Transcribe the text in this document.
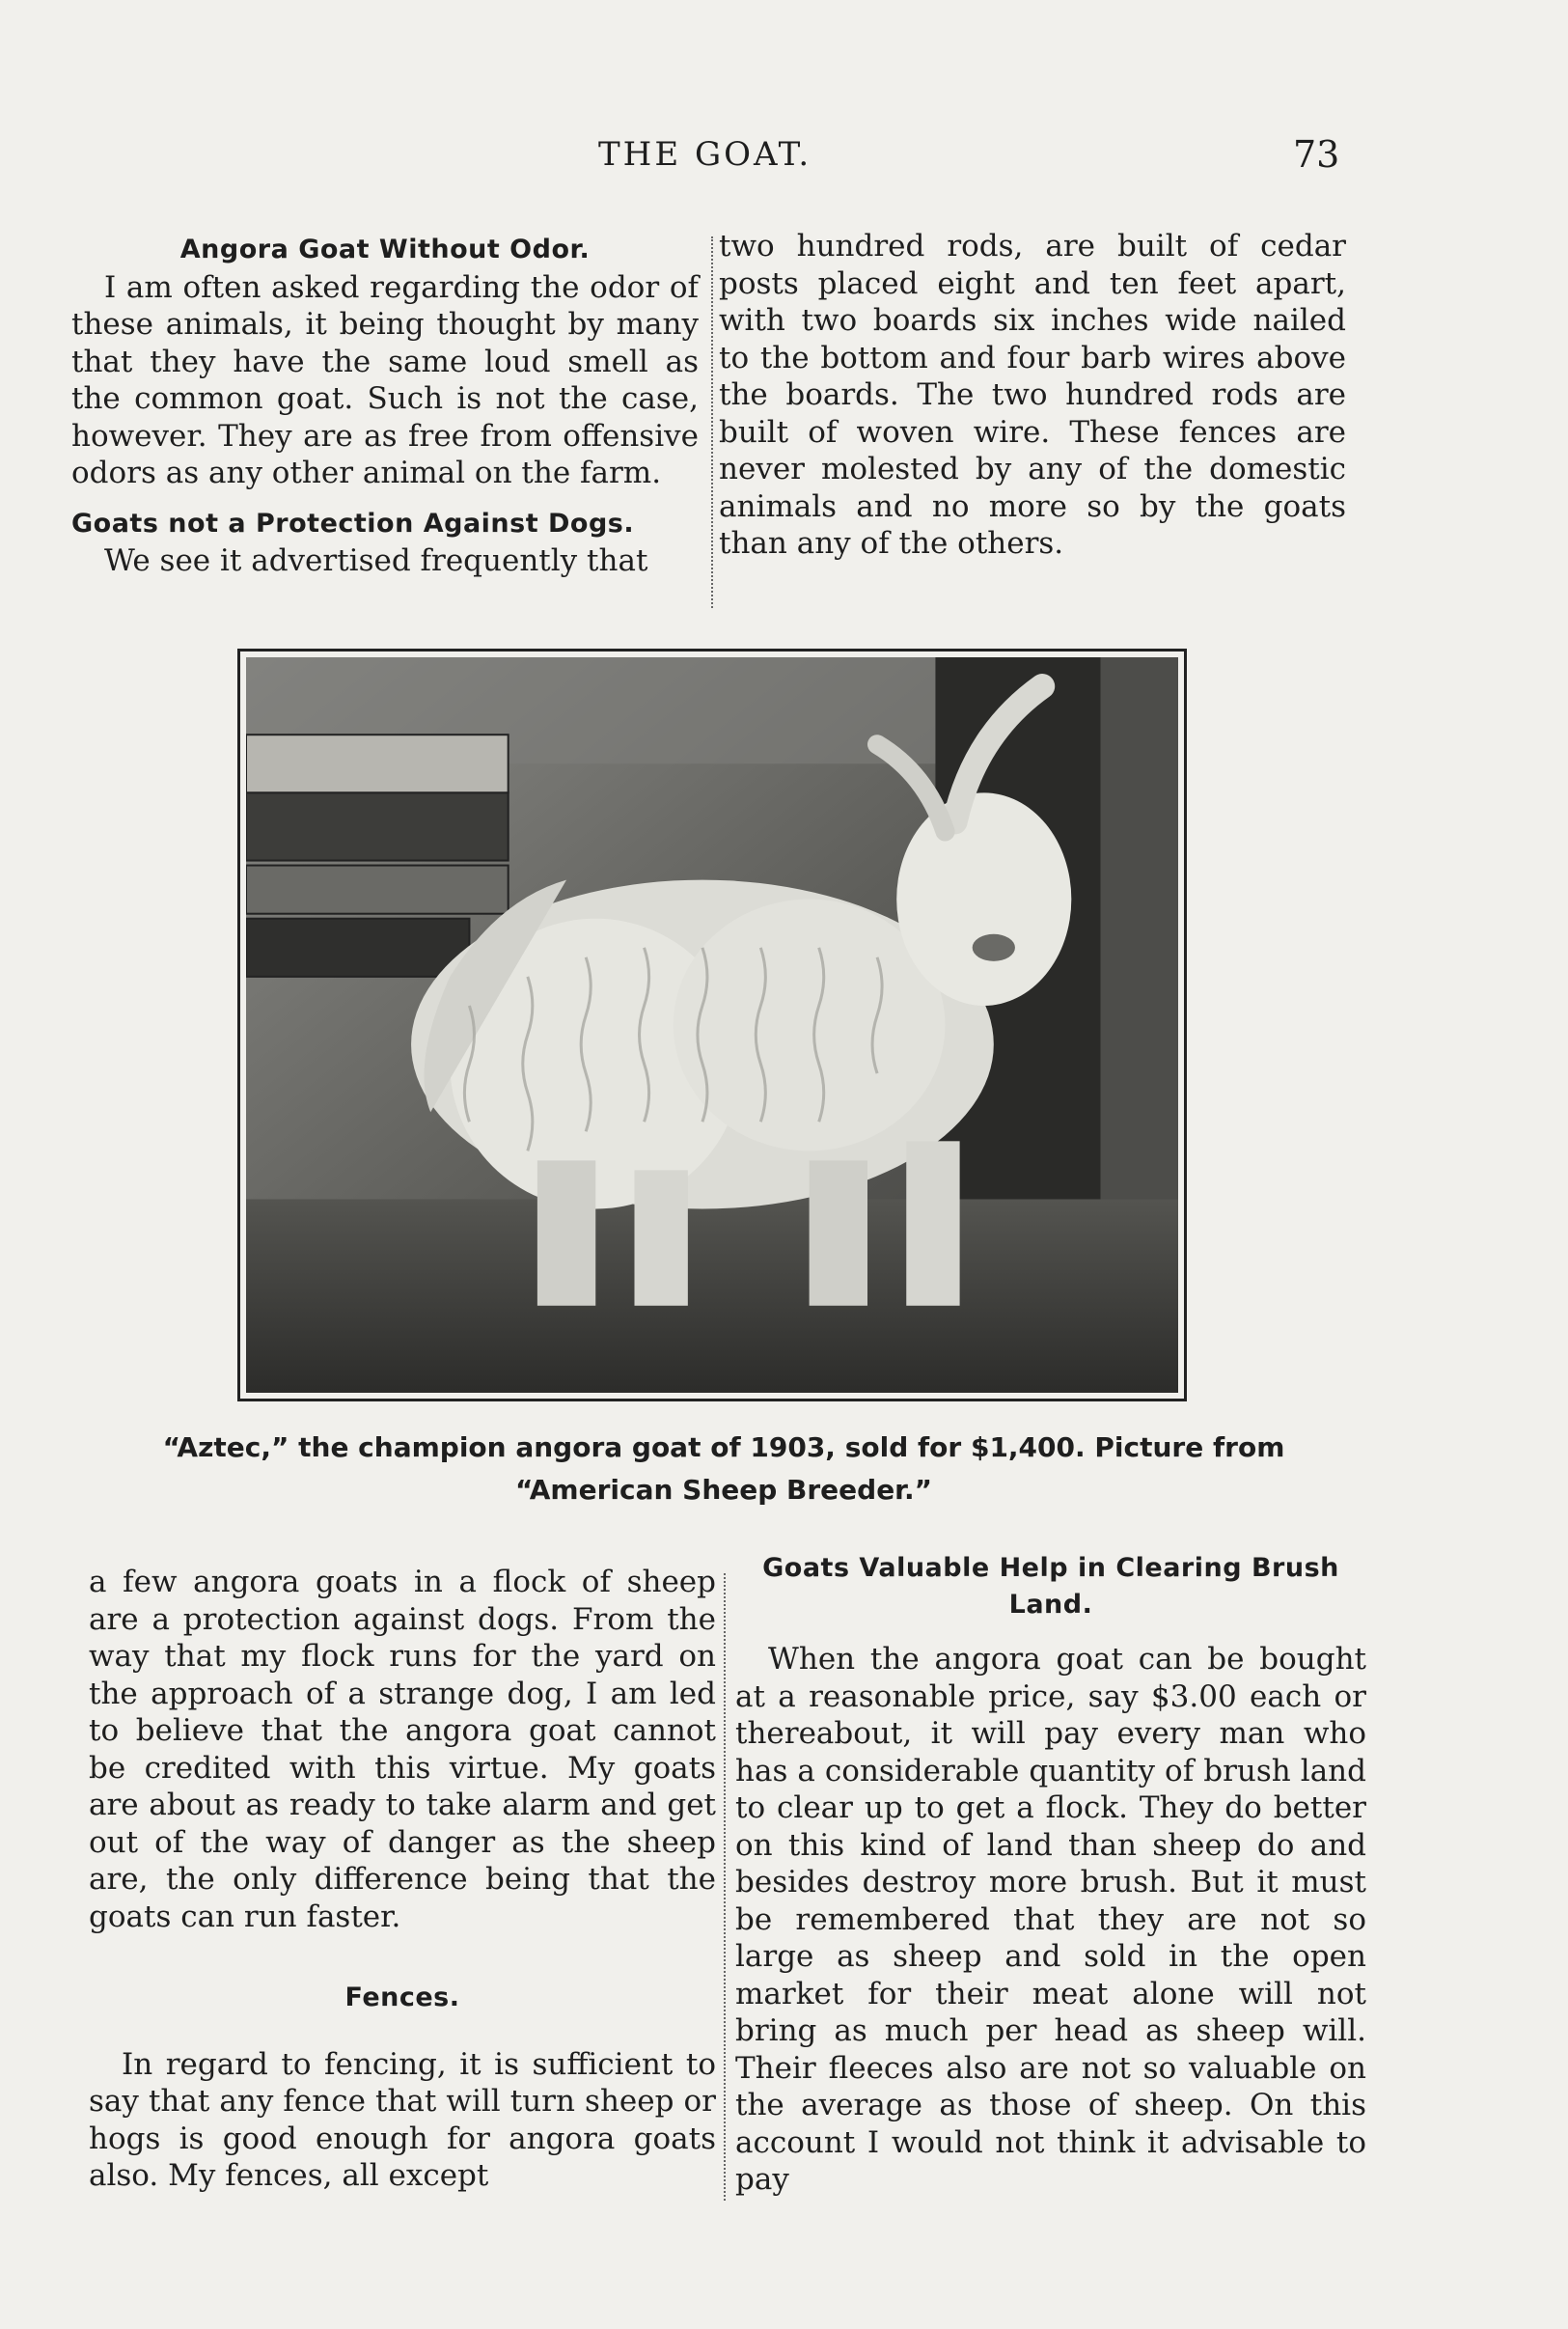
THE GOAT.	73

Angora Goat Without Odor.

I am often asked regarding the odor of these animals, it being thought by many that they have the same loud smell as the common goat. Such is not the case, however. They are as free from offensive odors as any other animal on the farm.

Goats not a Protection Against Dogs.

We see it advertised frequently that

two hundred rods, are built of cedar posts placed eight and ten feet apart, with two boards six inches wide nailed to the bottom and four barb wires above the boards. The two hundred rods are built of woven wire. These fences are never molested by any of the domestic animals and no more so by the goats than any of the others.

“Aztec,” the champion angora goat of 1903, sold for $1,400. Picture from
“American Sheep Breeder.”

a few angora goats in a flock of sheep are a protection against dogs. From the way that my flock runs for the yard on the approach of a strange dog, I am led to believe that the angora goat cannot be credited with this virtue. My goats are about as ready to take alarm and get out of the way of danger as the sheep are, the only difference being that the goats can run faster.

Fences.

In regard to fencing, it is sufficient to say that any fence that will turn sheep or hogs is good enough for angora goats also. My fences, all except

Goats Valuable Help in Clearing Brush Land.

When the angora goat can be bought at a reasonable price, say $3.00 each or thereabout, it will pay every man who has a considerable quantity of brush land to clear up to get a flock. They do better on this kind of land than sheep do and besides destroy more brush. But it must be remembered that they are not so large as sheep and sold in the open market for their meat alone will not bring as much per head as sheep will. Their fleeces also are not so valuable on the average as those of sheep. On this account I would not think it advisable to pay
